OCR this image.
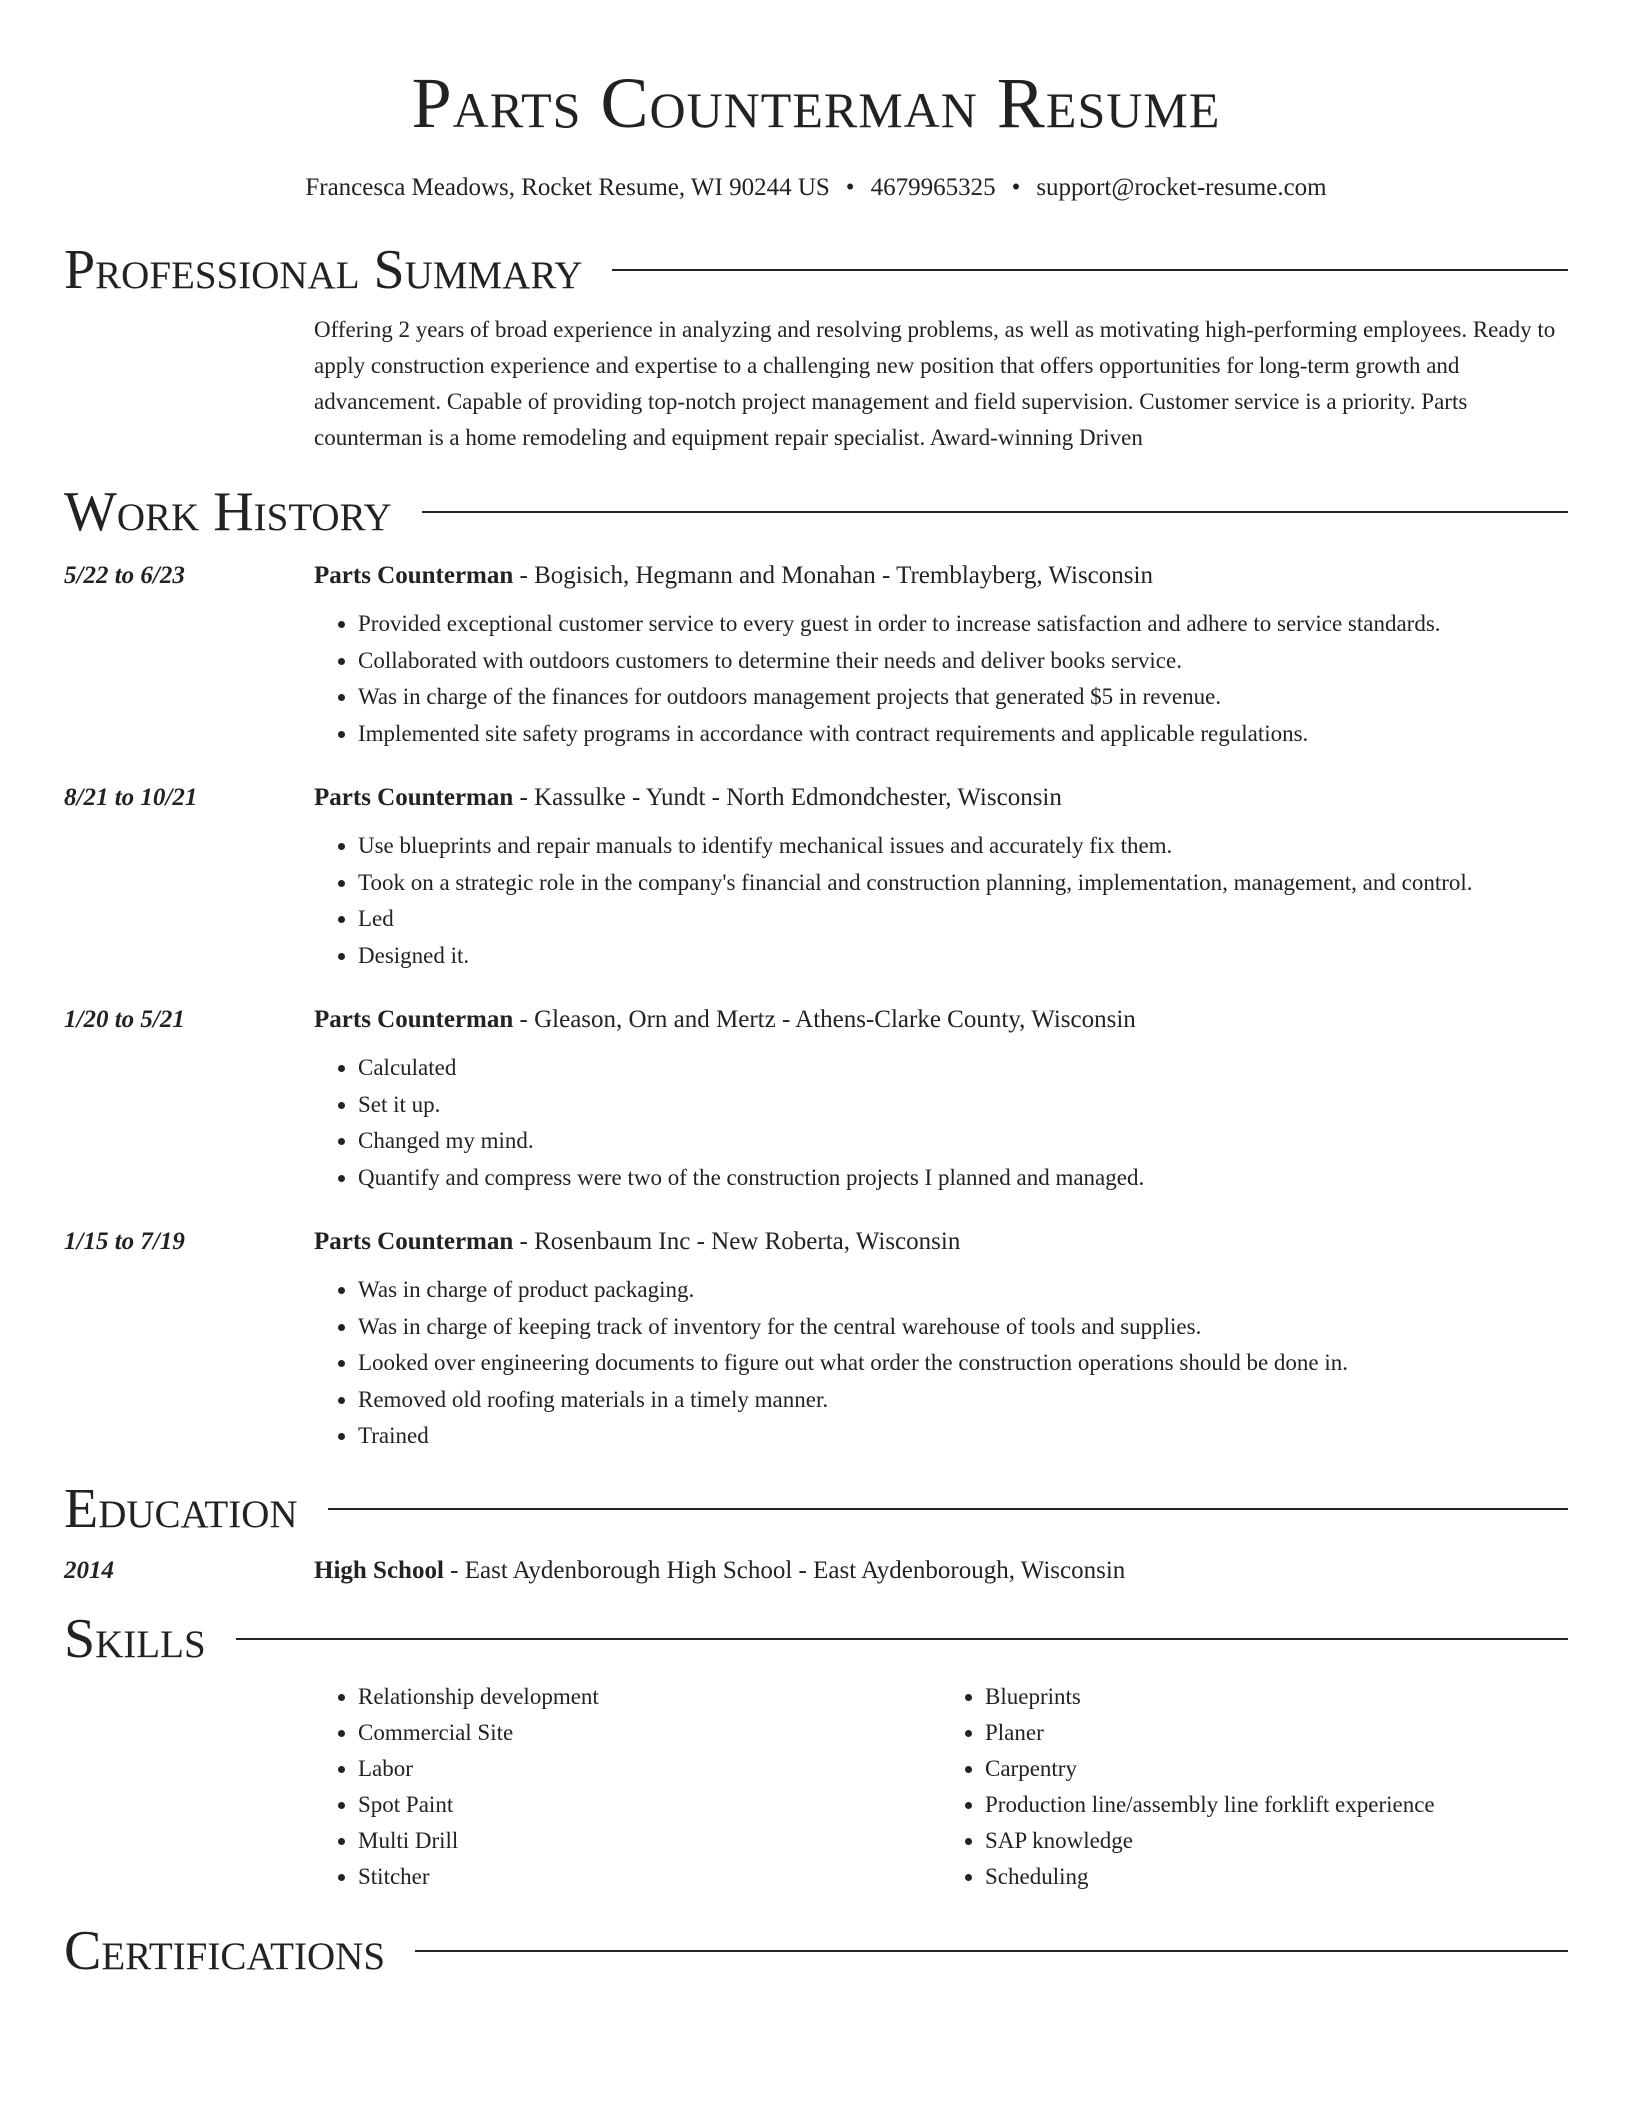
Parts Counterman Resume
Francesca Meadows, Rocket Resume, WI 90244 US • 4679965325 • support@rocket-resume.com
Professional Summary
Offering 2 years of broad experience in analyzing and resolving problems, as well as motivating high-performing employees. Ready to apply construction experience and expertise to a challenging new position that offers opportunities for long-term growth and advancement. Capable of providing top-notch project management and field supervision. Customer service is a priority. Parts counterman is a home remodeling and equipment repair specialist. Award-winning Driven
Work History
5/22 to 6/23	Parts Counterman - Bogisich, Hegmann and Monahan - Tremblayberg, Wisconsin
• Provided exceptional customer service to every guest in order to increase satisfaction and adhere to service standards.
• Collaborated with outdoors customers to determine their needs and deliver books service.
• Was in charge of the finances for outdoors management projects that generated $5 in revenue.
• Implemented site safety programs in accordance with contract requirements and applicable regulations.
8/21 to 10/21	Parts Counterman - Kassulke - Yundt - North Edmondchester, Wisconsin
• Use blueprints and repair manuals to identify mechanical issues and accurately fix them.
• Took on a strategic role in the company's financial and construction planning, implementation, management, and control.
• Led
• Designed it.
1/20 to 5/21	Parts Counterman - Gleason, Orn and Mertz - Athens-Clarke County, Wisconsin
• Calculated
• Set it up.
• Changed my mind.
• Quantify and compress were two of the construction projects I planned and managed.
1/15 to 7/19	Parts Counterman - Rosenbaum Inc - New Roberta, Wisconsin
• Was in charge of product packaging.
• Was in charge of keeping track of inventory for the central warehouse of tools and supplies.
• Looked over engineering documents to figure out what order the construction operations should be done in.
• Removed old roofing materials in a timely manner.
• Trained
Education
2014	High School - East Aydenborough High School - East Aydenborough, Wisconsin
Skills
• Relationship development
• Commercial Site
• Labor
• Spot Paint
• Multi Drill
• Stitcher
• Blueprints
• Planer
• Carpentry
• Production line/assembly line forklift experience
• SAP knowledge
• Scheduling
Certifications
